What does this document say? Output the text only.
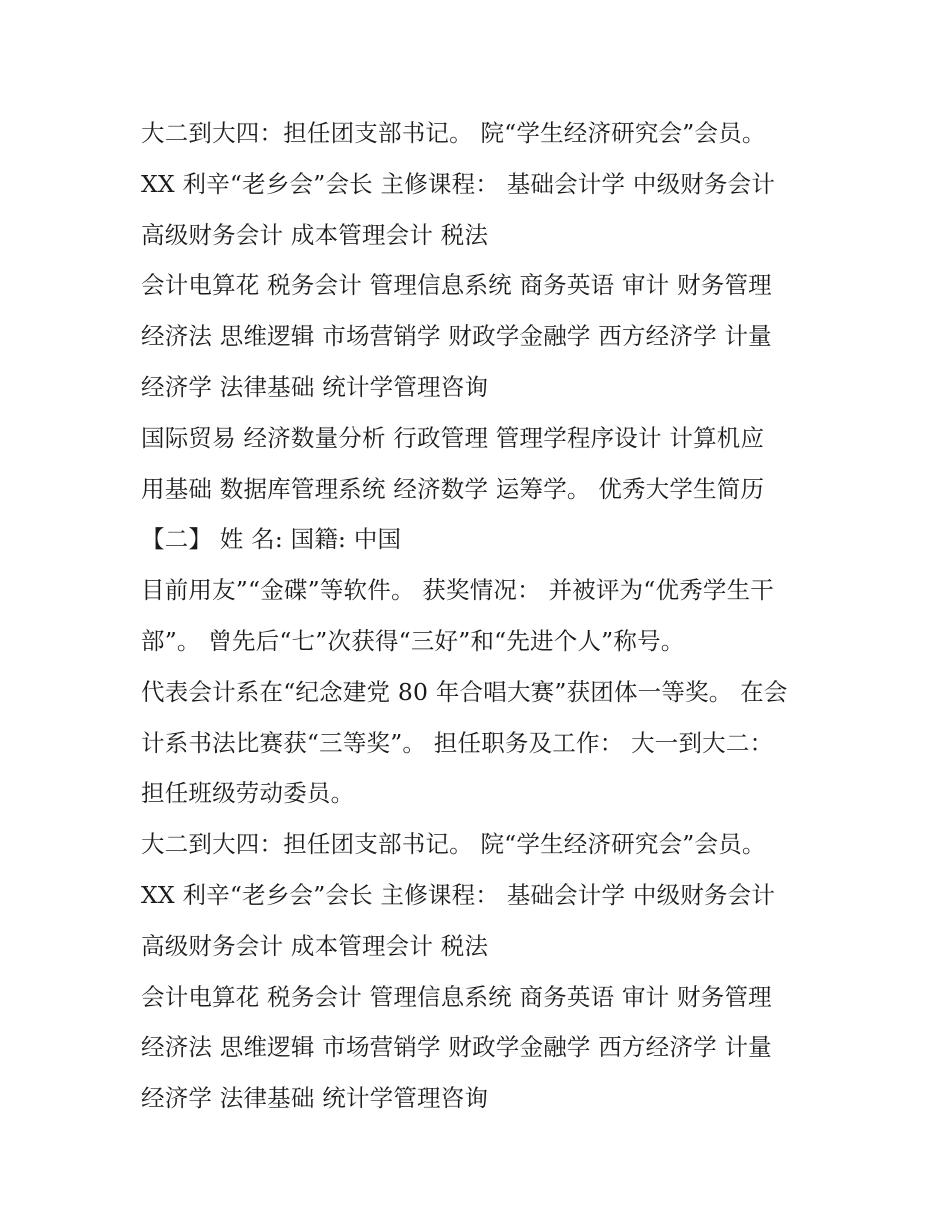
大二到大四：担任团支部书记。 院“学生经济研究会”会员。
XX 利辛“老乡会”会长 主修课程： 基础会计学 中级财务会计
高级财务会计 成本管理会计 税法
会计电算花 税务会计 管理信息系统 商务英语 审计 财务管理
经济法 思维逻辑 市场营销学 财政学金融学 西方经济学 计量
经济学 法律基础 统计学管理咨询
国际贸易 经济数量分析 行政管理 管理学程序设计 计算机应
用基础 数据库管理系统 经济数学 运筹学。 优秀大学生简历
【二】 姓 名: 国籍: 中国
目前用友”“金碟”等软件。 获奖情况： 并被评为“优秀学生干
部”。 曾先后“七”次获得“三好”和“先进个人”称号。
代表会计系在“纪念建党 80 年合唱大赛”获团体一等奖。 在会
计系书法比赛获“三等奖”。 担任职务及工作： 大一到大二：
担任班级劳动委员。
大二到大四：担任团支部书记。 院“学生经济研究会”会员。
XX 利辛“老乡会”会长 主修课程： 基础会计学 中级财务会计
高级财务会计 成本管理会计 税法
会计电算花 税务会计 管理信息系统 商务英语 审计 财务管理
经济法 思维逻辑 市场营销学 财政学金融学 西方经济学 计量
经济学 法律基础 统计学管理咨询
